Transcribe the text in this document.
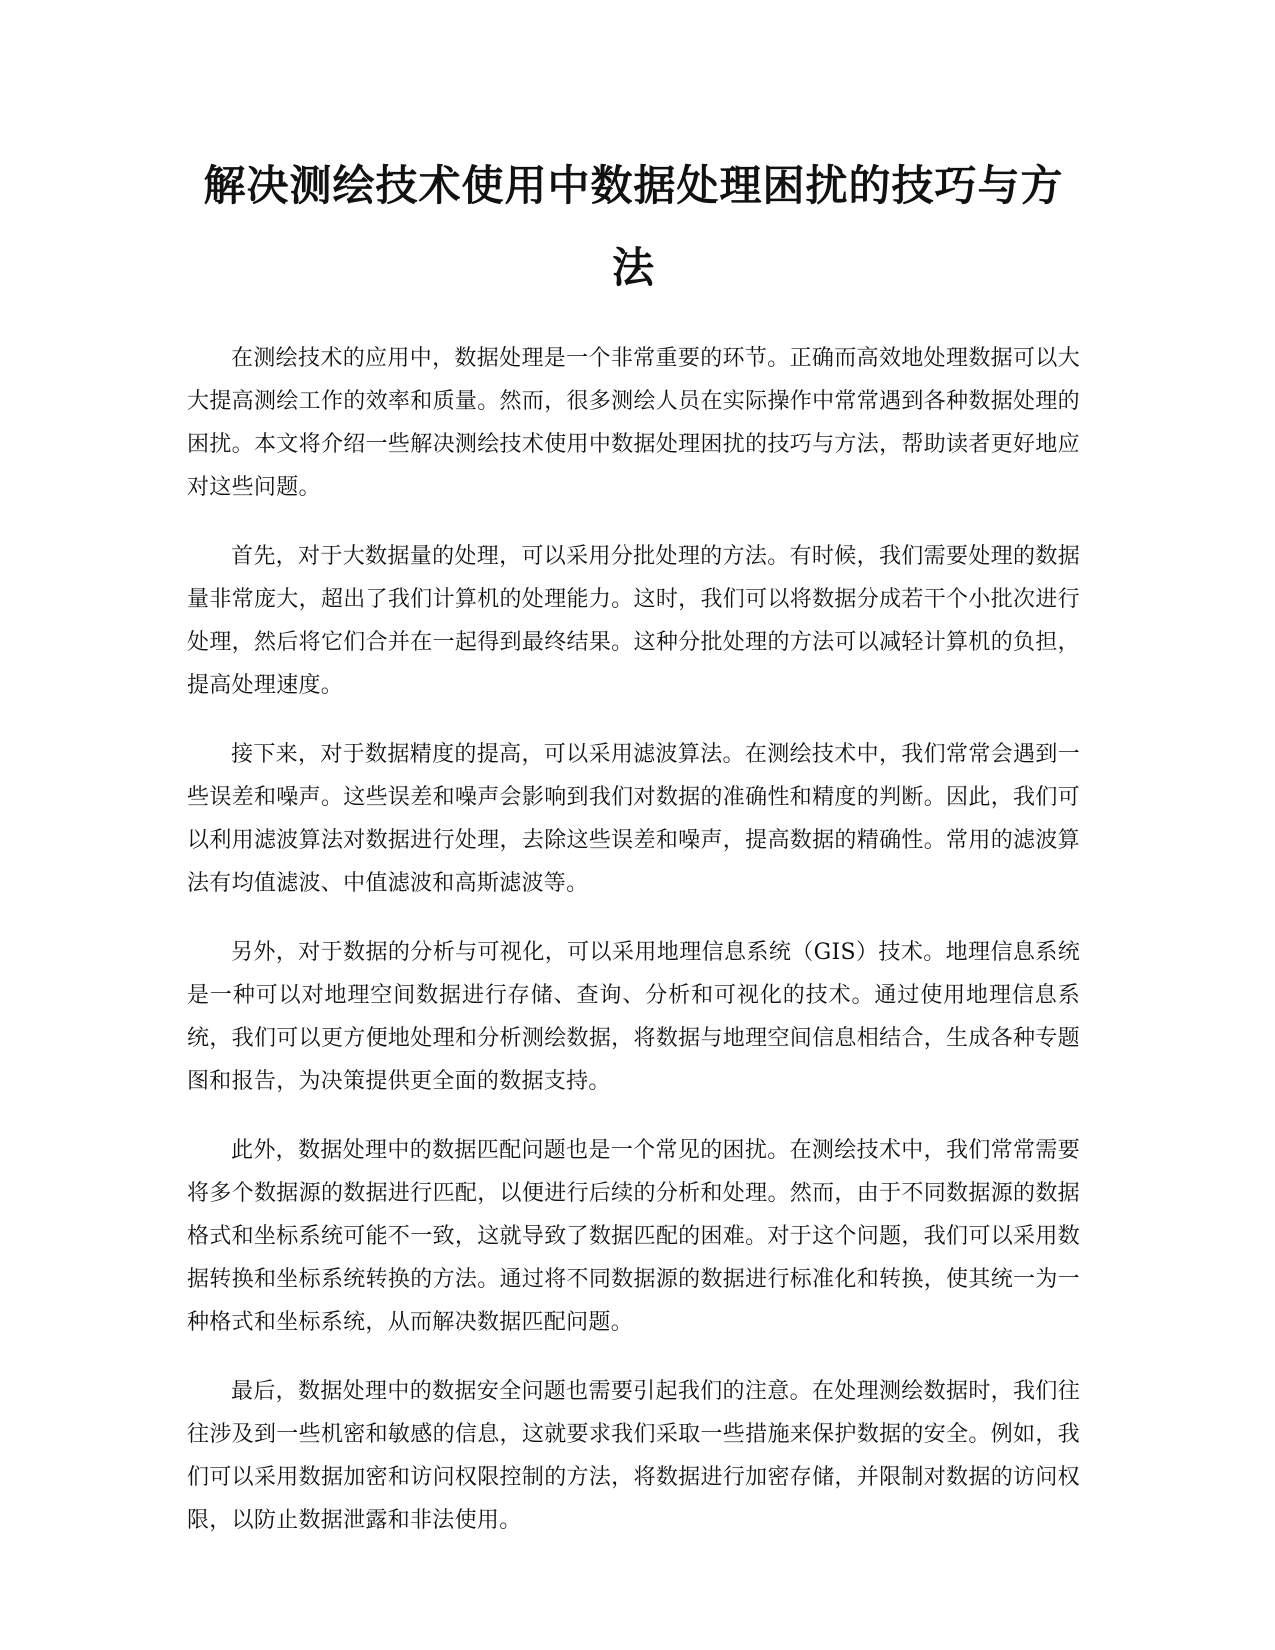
解决测绘技术使用中数据处理困扰的技巧与方法

在测绘技术的应用中，数据处理是一个非常重要的环节。正确而高效地处理数据可以大大提高测绘工作的效率和质量。然而，很多测绘人员在实际操作中常常遇到各种数据处理的困扰。本文将介绍一些解决测绘技术使用中数据处理困扰的技巧与方法，帮助读者更好地应对这些问题。

首先，对于大数据量的处理，可以采用分批处理的方法。有时候，我们需要处理的数据量非常庞大，超出了我们计算机的处理能力。这时，我们可以将数据分成若干个小批次进行处理，然后将它们合并在一起得到最终结果。这种分批处理的方法可以减轻计算机的负担，提高处理速度。

接下来，对于数据精度的提高，可以采用滤波算法。在测绘技术中，我们常常会遇到一些误差和噪声。这些误差和噪声会影响到我们对数据的准确性和精度的判断。因此，我们可以利用滤波算法对数据进行处理，去除这些误差和噪声，提高数据的精确性。常用的滤波算法有均值滤波、中值滤波和高斯滤波等。

另外，对于数据的分析与可视化，可以采用地理信息系统（GIS）技术。地理信息系统是一种可以对地理空间数据进行存储、查询、分析和可视化的技术。通过使用地理信息系统，我们可以更方便地处理和分析测绘数据，将数据与地理空间信息相结合，生成各种专题图和报告，为决策提供更全面的数据支持。

此外，数据处理中的数据匹配问题也是一个常见的困扰。在测绘技术中，我们常常需要将多个数据源的数据进行匹配，以便进行后续的分析和处理。然而，由于不同数据源的数据格式和坐标系统可能不一致，这就导致了数据匹配的困难。对于这个问题，我们可以采用数据转换和坐标系统转换的方法。通过将不同数据源的数据进行标准化和转换，使其统一为一种格式和坐标系统，从而解决数据匹配问题。

最后，数据处理中的数据安全问题也需要引起我们的注意。在处理测绘数据时，我们往往涉及到一些机密和敏感的信息，这就要求我们采取一些措施来保护数据的安全。例如，我们可以采用数据加密和访问权限控制的方法，将数据进行加密存储，并限制对数据的访问权限，以防止数据泄露和非法使用。
